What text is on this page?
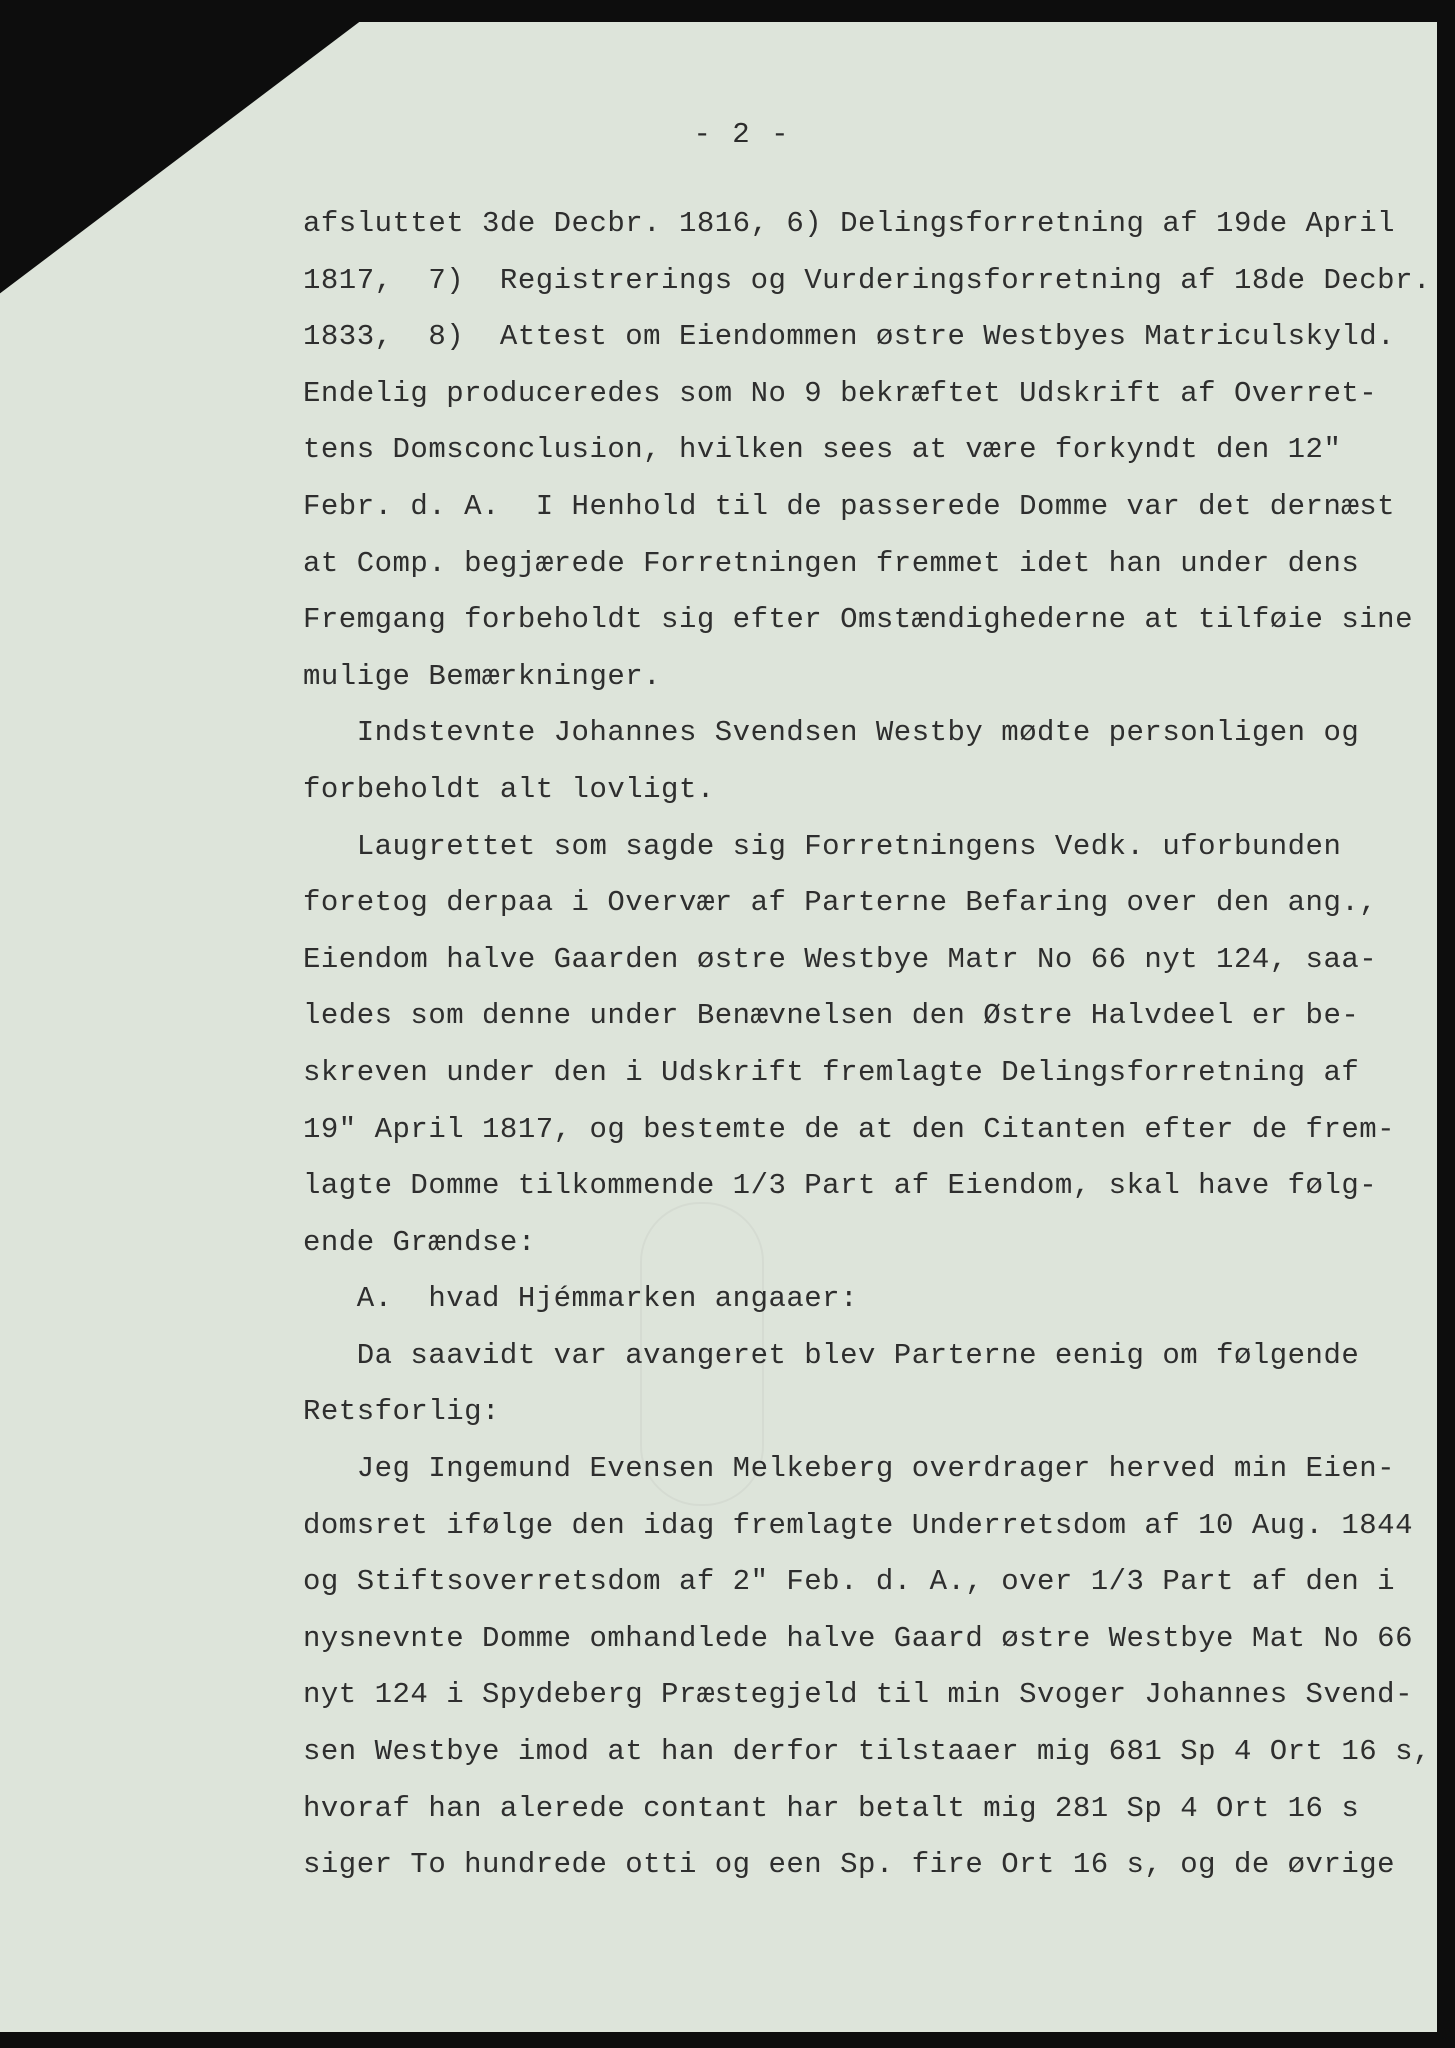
- 2 -
afsluttet 3de Decbr. 1816, 6) Delingsforretning af 19de April
1817,  7)  Registrerings og Vurderingsforretning af 18de Decbr.
1833,  8)  Attest om Eiendommen østre Westbyes Matriculskyld.
Endelig produceredes som No 9 bekræftet Udskrift af Overret-
tens Domsconclusion, hvilken sees at være forkyndt den 12"
Febr. d. A.  I Henhold til de passerede Domme var det dernæst
at Comp. begjærede Forretningen fremmet idet han under dens
Fremgang forbeholdt sig efter Omstændighederne at tilføie sine
mulige Bemærkninger.
Indstevnte Johannes Svendsen Westby mødte personligen og
forbeholdt alt lovligt.
Laugrettet som sagde sig Forretningens Vedk. uforbunden
foretog derpaa i Overvær af Parterne Befaring over den ang.,
Eiendom halve Gaarden østre Westbye Matr No 66 nyt 124, saa-
ledes som denne under Benævnelsen den Østre Halvdeel er be-
skreven under den i Udskrift fremlagte Delingsforretning af
19" April 1817, og bestemte de at den Citanten efter de frem-
lagte Domme tilkommende 1/3 Part af Eiendom, skal have følg-
ende Grændse:
A.  hvad Hjémmarken angaaer:
Da saavidt var avangeret blev Parterne eenig om følgende
Retsforlig:
Jeg Ingemund Evensen Melkeberg overdrager herved min Eien-
domsret ifølge den idag fremlagte Underretsdom af 10 Aug. 1844
og Stiftsoverretsdom af 2" Feb. d. A., over 1/3 Part af den i
nysnevnte Domme omhandlede halve Gaard østre Westbye Mat No 66
nyt 124 i Spydeberg Præstegjeld til min Svoger Johannes Svend-
sen Westbye imod at han derfor tilstaaer mig 681 Sp 4 Ort 16 s,
hvoraf han alerede contant har betalt mig 281 Sp 4 Ort 16 s
siger To hundrede otti og een Sp. fire Ort 16 s, og de øvrige
